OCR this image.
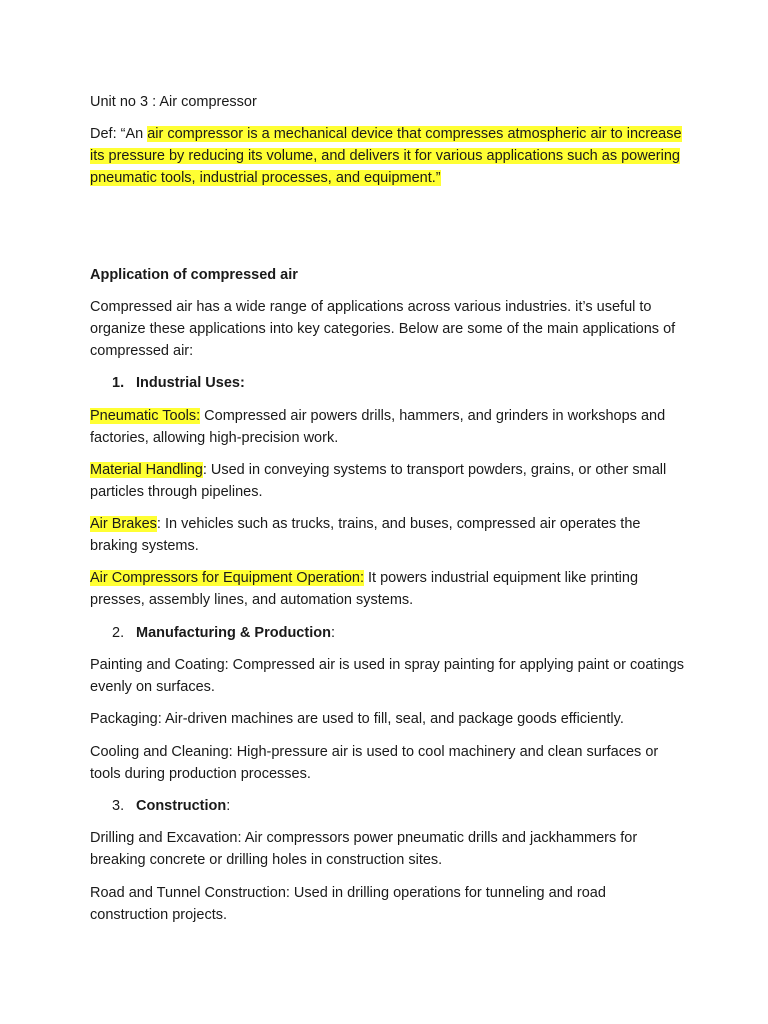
Unit no 3 : Air compressor

Def: “An air compressor is a mechanical device that compresses atmospheric air to increase its pressure by reducing its volume, and delivers it for various applications such as powering pneumatic tools, industrial processes, and equipment.”

Application of compressed air

Compressed air has a wide range of applications across various industries. it’s useful to organize these applications into key categories. Below are some of the main applications of compressed air:

1. Industrial Uses:

Pneumatic Tools: Compressed air powers drills, hammers, and grinders in workshops and factories, allowing high-precision work.

Material Handling: Used in conveying systems to transport powders, grains, or other small particles through pipelines.

Air Brakes: In vehicles such as trucks, trains, and buses, compressed air operates the braking systems.

Air Compressors for Equipment Operation: It powers industrial equipment like printing presses, assembly lines, and automation systems.

2. Manufacturing & Production:

Painting and Coating: Compressed air is used in spray painting for applying paint or coatings evenly on surfaces.

Packaging: Air-driven machines are used to fill, seal, and package goods efficiently.

Cooling and Cleaning: High-pressure air is used to cool machinery and clean surfaces or tools during production processes.

3. Construction:

Drilling and Excavation: Air compressors power pneumatic drills and jackhammers for breaking concrete or drilling holes in construction sites.

Road and Tunnel Construction: Used in drilling operations for tunneling and road construction projects.
